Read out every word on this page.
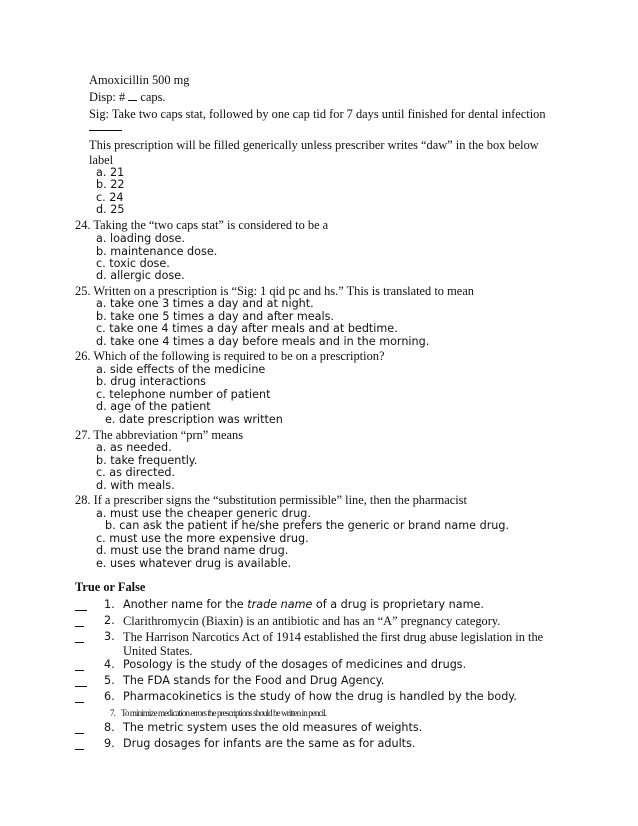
Amoxicillin 500 mg
Disp: # caps.
Sig: Take two caps stat, followed by one cap tid for 7 days until finished for dental infection
This prescription will be filled generically unless prescriber writes “daw” in the box below
label
a. 21
b. 22
c. 24
d. 25
24. Taking the “two caps stat” is considered to be a
a. loading dose.
b. maintenance dose.
c. toxic dose.
d. allergic dose.
25. Written on a prescription is “Sig: 1 qid pc and hs.” This is translated to mean
a. take one 3 times a day and at night.
b. take one 5 times a day and after meals.
c. take one 4 times a day after meals and at bedtime.
d. take one 4 times a day before meals and in the morning.
26. Which of the following is required to be on a prescription?
a. side effects of the medicine
b. drug interactions
c. telephone number of patient
d. age of the patient
e. date prescription was written
27. The abbreviation “prn” means
a. as needed.
b. take frequently.
c. as directed.
d. with meals.
28. If a prescriber signs the “substitution permissible” line, then the pharmacist
a. must use the cheaper generic drug.
b. can ask the patient if he/she prefers the generic or brand name drug.
c. must use the more expensive drug.
d. must use the brand name drug.
e. uses whatever drug is available.
True or False
1. Another name for the trade name of a drug is proprietary name.
2. Clarithromycin (Biaxin) is an antibiotic and has an “A” pregnancy category.
3. The Harrison Narcotics Act of 1914 established the first drug abuse legislation in the
United States.
4. Posology is the study of the dosages of medicines and drugs.
5. The FDA stands for the Food and Drug Agency.
6. Pharmacokinetics is the study of how the drug is handled by the body.
7. To minimize medication errors the prescriptions should be written in pencil.
8. The metric system uses the old measures of weights.
9. Drug dosages for infants are the same as for adults.
